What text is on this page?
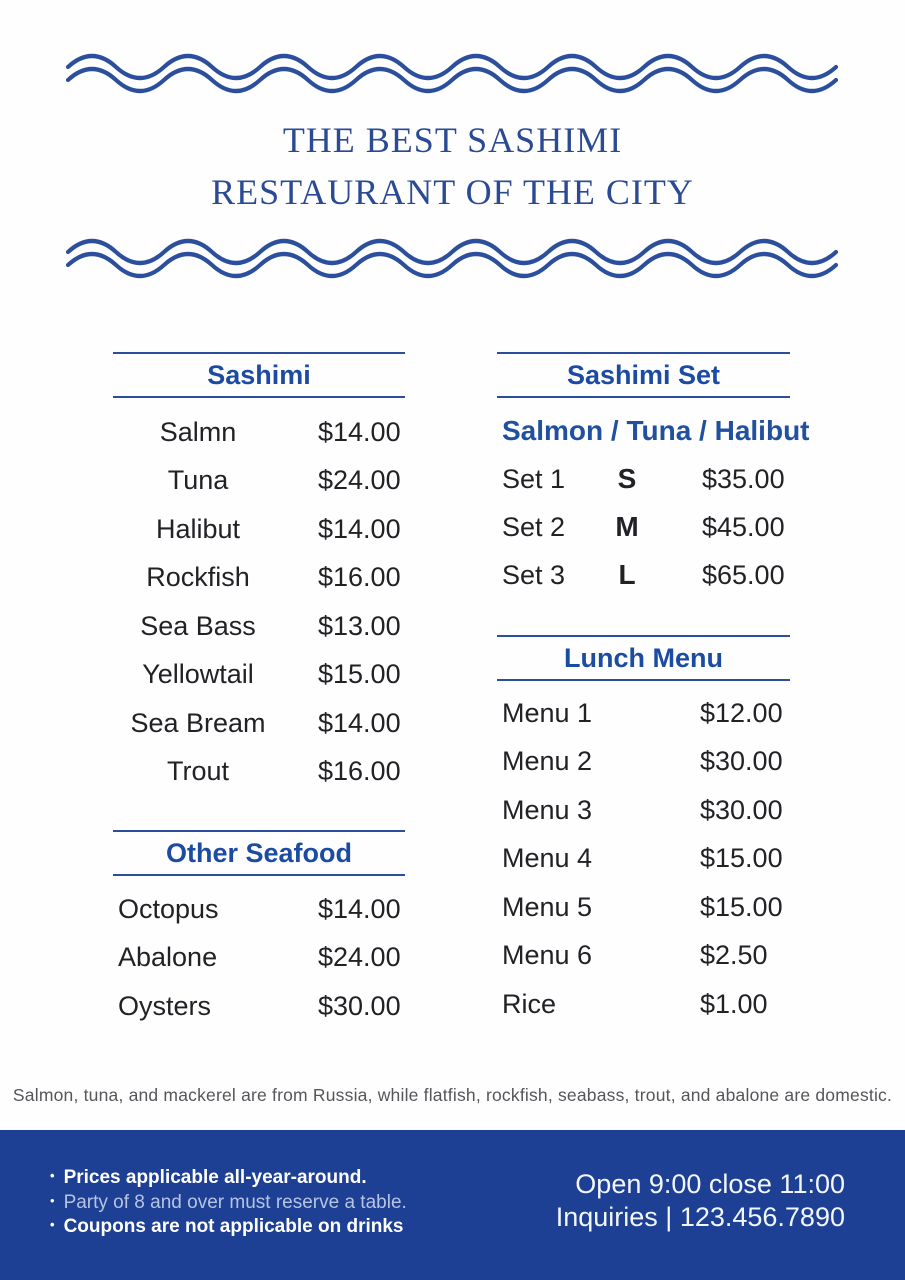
THE BEST SASHIMI
RESTAURANT OF THE CITY
Sashimi
Salmn	$14.00
Tuna	$24.00
Halibut	$14.00
Rockfish	$16.00
Sea Bass	$13.00
Yellowtail	$15.00
Sea Bream	$14.00
Trout	$16.00
Other Seafood
Octopus	$14.00
Abalone	$24.00
Oysters	$30.00
Sashimi Set
Salmon / Tuna / Halibut
Set 1	S	$35.00
Set 2 M $45.00
Set 3	L	$65.00
Lunch Menu
Menu 1	$12.00
Menu 2	$30.00
Menu 3	$30.00
Menu 4	$15.00
Menu 5	$15.00
Menu 6	$2.50
Rice	$1.00
Salmon, tuna, and mackerel are from Russia, while flatfish, rockfish, seabass, trout, and abalone are domestic.
• Prices applicable all-year-around.
• Party of 8 and over must reserve a table.
• Coupons are not applicable on drinks
Open 9:00 close 11:00
Inquiries | 123.456.7890
